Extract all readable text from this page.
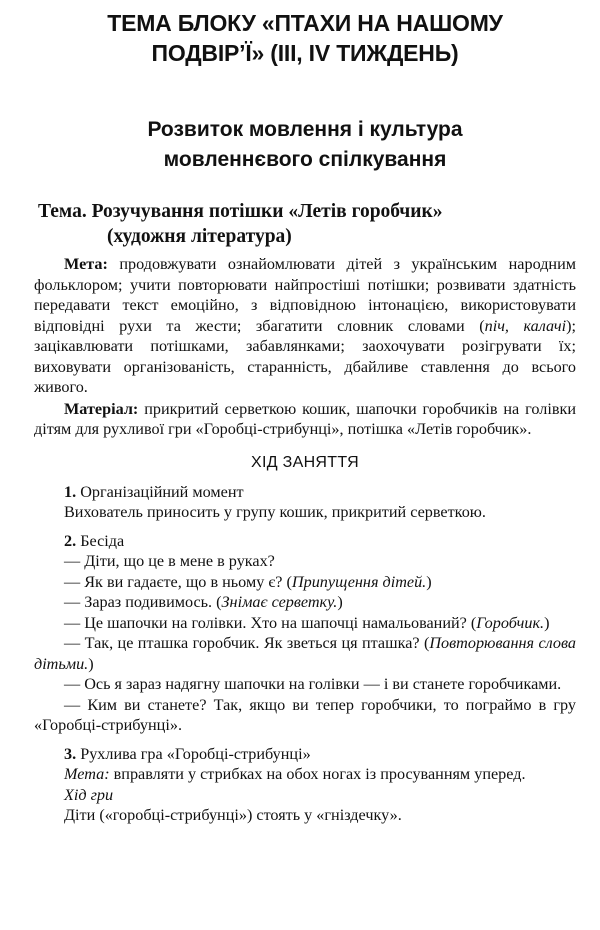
ТЕМА БЛОКУ «ПТАХИ НА НАШОМУ
ПОДВІР’Ї» (III, IV ТИЖДЕНЬ)
Розвиток мовлення і культура
мовленнєвого спілкування
Тема. Розучування потішки «Летів горобчик»
(художня література)

Мета: продовжувати ознайомлювати дітей з українським народним фольклором; учити повторювати найпростіші потішки; розвивати здатність передавати текст емоційно, з відповідною інтонацією, використовувати відповідні рухи та жести; збагатити словник словами (піч, калачі); зацікавлювати потішками, забавлянками; заохочувати розігрувати їх; виховувати організованість, старанність, дбайливе ставлення до всього живого.

Матеріал: прикритий серветкою кошик, шапочки горобчиків на голівки дітям для рухливої гри «Горобці-стрибунці», потішка «Летів горобчик».

ХІД ЗАНЯТТЯ

1. Організаційний момент

Вихователь приносить у групу кошик, прикритий серветкою.

2. Бесіда

— Діти, що це в мене в руках?

— Як ви гадаєте, що в ньому є? (Припущення дітей.)

— Зараз подивимось. (Знімає серветку.)

— Це шапочки на голівки. Хто на шапочці намальований? (Горобчик.)

— Так, це пташка горобчик. Як зветься ця пташка? (Повторювання слова дітьми.)

— Ось я зараз надягну шапочки на голівки — і ви станете горобчиками.

— Ким ви станете? Так, якщо ви тепер горобчики, то пограймо в гру «Горобці-стрибунці».

3. Рухлива гра «Горобці-стрибунці»

Мета: вправляти у стрибках на обох ногах із просуванням уперед.

Хід гри

Діти («горобці-стрибунці») стоять у «гніздечку».
